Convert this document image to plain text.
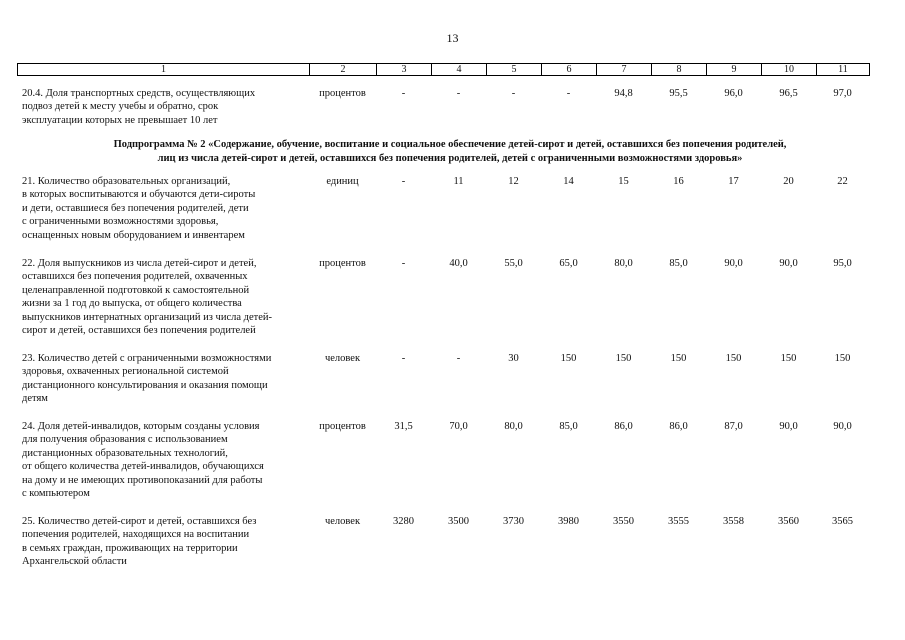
13
1	2	3	4	5	6	7	8	9	10	11
20.4. Доля транспортных средств, осуществляющих
подвоз детей к месту учебы и обратно, срок
эксплуатации которых не превышает 10 лет
процентов	-	-	-	-	94,8	95,5	96,0	96,5	97,0
Подпрограмма № 2 «Содержание, обучение, воспитание и социальное обеспечение детей-сирот и детей, оставшихся без попечения родителей,
лиц из числа детей-сирот и детей, оставшихся без попечения родителей, детей с ограниченными возможностями здоровья»
21. Количество образовательных организаций,
в которых воспитываются и обучаются дети-сироты
и дети, оставшиеся без попечения родителей, дети
с ограниченными возможностями здоровья,
оснащенных новым оборудованием и инвентарем
единиц	-	11	12	14	15	16	17	20	22
22. Доля выпускников из числа детей-сирот и детей,
оставшихся без попечения родителей, охваченных
целенаправленной подготовкой к самостоятельной
жизни за 1 год до выпуска, от общего количества
выпускников интернатных организаций из числа детей-
сирот и детей, оставшихся без попечения родителей
процентов	-	40,0	55,0	65,0	80,0	85,0	90,0	90,0	95,0
23. Количество детей с ограниченными возможностями
здоровья, охваченных региональной системой
дистанционного консультирования и оказания помощи
детям
человек	-	-	30	150	150	150	150	150	150
24. Доля детей-инвалидов, которым созданы условия
для получения образования с использованием
дистанционных образовательных технологий,
от общего количества детей-инвалидов, обучающихся
на дому и не имеющих противопоказаний для работы
с компьютером
процентов	31,5	70,0	80,0	85,0	86,0	86,0	87,0	90,0	90,0
25. Количество детей-сирот и детей, оставшихся без
попечения родителей, находящихся на воспитании
в семьях граждан, проживающих на территории
Архангельской области
человек	3280	3500	3730	3980	3550	3555	3558	3560	3565
